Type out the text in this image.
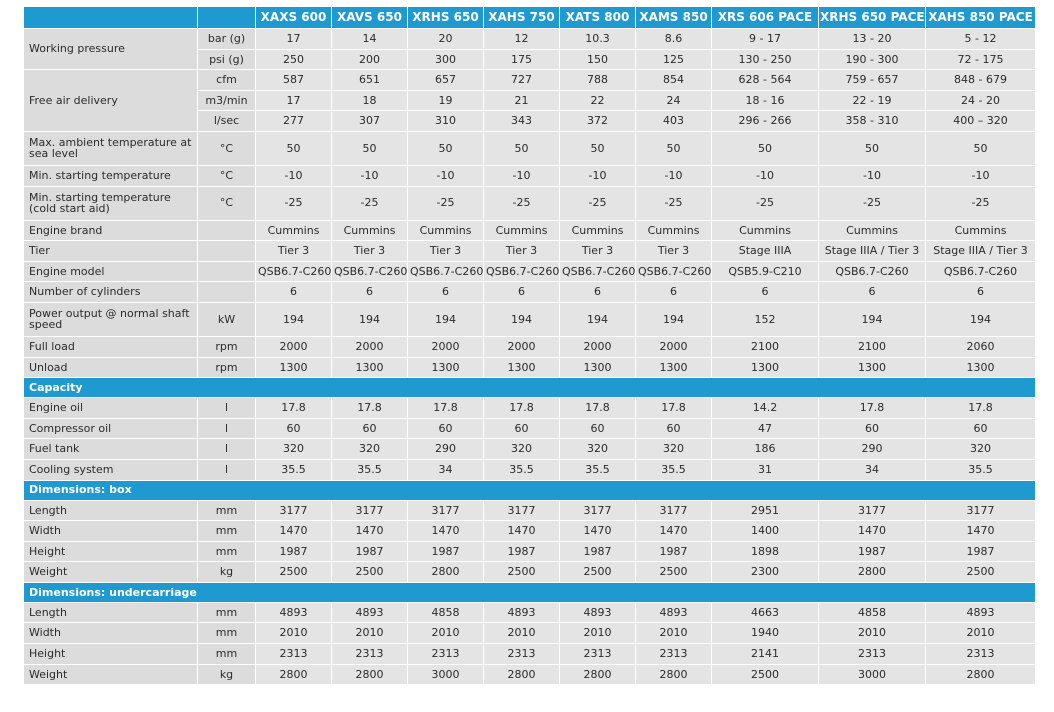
		XAXS 600	XAVS 650	XRHS 650	XAHS 750	XATS 800	XAMS 850	XRS 606 PACE	XRHS 650 PACE	XAHS 850 PACE
Working pressure	bar (g)	17	14	20	12	10.3	8.6	9 - 17	13 - 20	5 - 12
	psi (g)	250	200	300	175	150	125	130 - 250	190 - 300	72 - 175
Free air delivery	cfm	587	651	657	727	788	854	628 - 564	759 - 657	848 - 679
	m3/min	17	18	19	21	22	24	18 - 16	22 - 19	24 - 20
	l/sec	277	307	310	343	372	403	296 - 266	358 - 310	400 – 320
Max. ambient temperature at sea level	°C	50	50	50	50	50	50	50	50	50
Min. starting temperature	°C	-10	-10	-10	-10	-10	-10	-10	-10	-10
Min. starting temperature (cold start aid)	°C	-25	-25	-25	-25	-25	-25	-25	-25	-25
Engine brand		Cummins	Cummins	Cummins	Cummins	Cummins	Cummins	Cummins	Cummins	Cummins
Tier		Tier 3	Tier 3	Tier 3	Tier 3	Tier 3	Tier 3	Stage IIIA	Stage IIIA / Tier 3	Stage IIIA / Tier 3
Engine model		QSB6.7-C260	QSB6.7-C260	QSB6.7-C260	QSB6.7-C260	QSB6.7-C260	QSB6.7-C260	QSB5.9-C210	QSB6.7-C260	QSB6.7-C260
Number of cylinders		6	6	6	6	6	6	6	6	6
Power output @ normal shaft speed	kW	194	194	194	194	194	194	152	194	194
Full load	rpm	2000	2000	2000	2000	2000	2000	2100	2100	2060
Unload	rpm	1300	1300	1300	1300	1300	1300	1300	1300	1300
Capacity										
Engine oil	l	17.8	17.8	17.8	17.8	17.8	17.8	14.2	17.8	17.8
Compressor oil	l	60	60	60	60	60	60	47	60	60
Fuel tank	l	320	320	290	320	320	320	186	290	320
Cooling system	l	35.5	35.5	34	35.5	35.5	35.5	31	34	35.5
Dimensions: box										
Length	mm	3177	3177	3177	3177	3177	3177	2951	3177	3177
Width	mm	1470	1470	1470	1470	1470	1470	1400	1470	1470
Height	mm	1987	1987	1987	1987	1987	1987	1898	1987	1987
Weight	kg	2500	2500	2800	2500	2500	2500	2300	2800	2500
Dimensions: undercarriage										
Length	mm	4893	4893	4858	4893	4893	4893	4663	4858	4893
Width	mm	2010	2010	2010	2010	2010	2010	1940	2010	2010
Height	mm	2313	2313	2313	2313	2313	2313	2141	2313	2313
Weight	kg	2800	2800	3000	2800	2800	2800	2500	3000	2800
